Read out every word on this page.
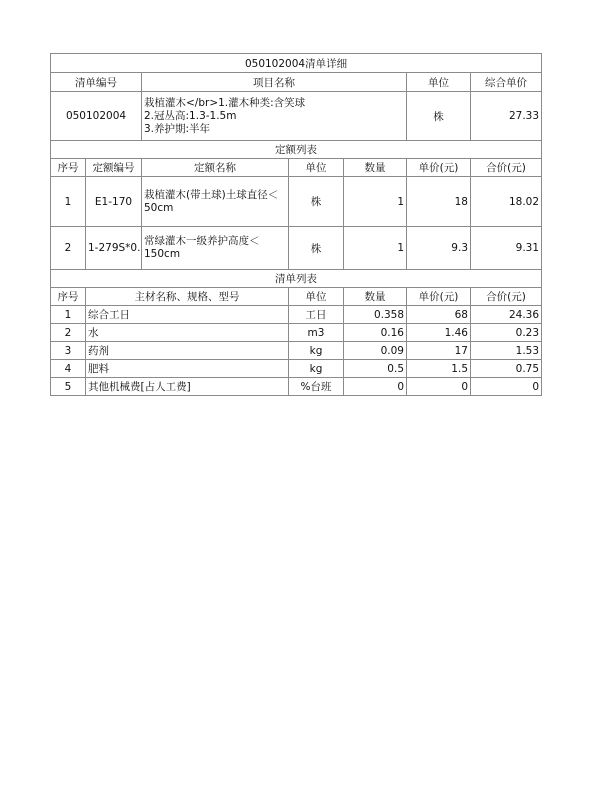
050102004清单详细						
清单编号		项目名称			单位	综合单价
050102004		栽植灌木</br>1.灌木种类:含笑球
2.冠丛高:1.3-1.5m
3.养护期:半年			株	27.33
定额列表						
序号	定额编号	定额名称	单位	数量	单价(元)	合价(元)
1	E1-170	栽植灌木(带土球)土球直径＜50cm	株	1	18	18.02
2	1-279S*0.	常绿灌木一级养护高度＜150cm	株	1	9.3	9.31
清单列表						
序号	主材名称、规格、型号		单位	数量	单价(元)	合价(元)
1	综合工日		工日	0.358	68	24.36
2	水		m3	0.16	1.46	0.23
3	药剂		kg	0.09	17	1.53
4	肥料		kg	0.5	1.5	0.75
5	其他机械费[占人工费]		%台班	0	0	0
